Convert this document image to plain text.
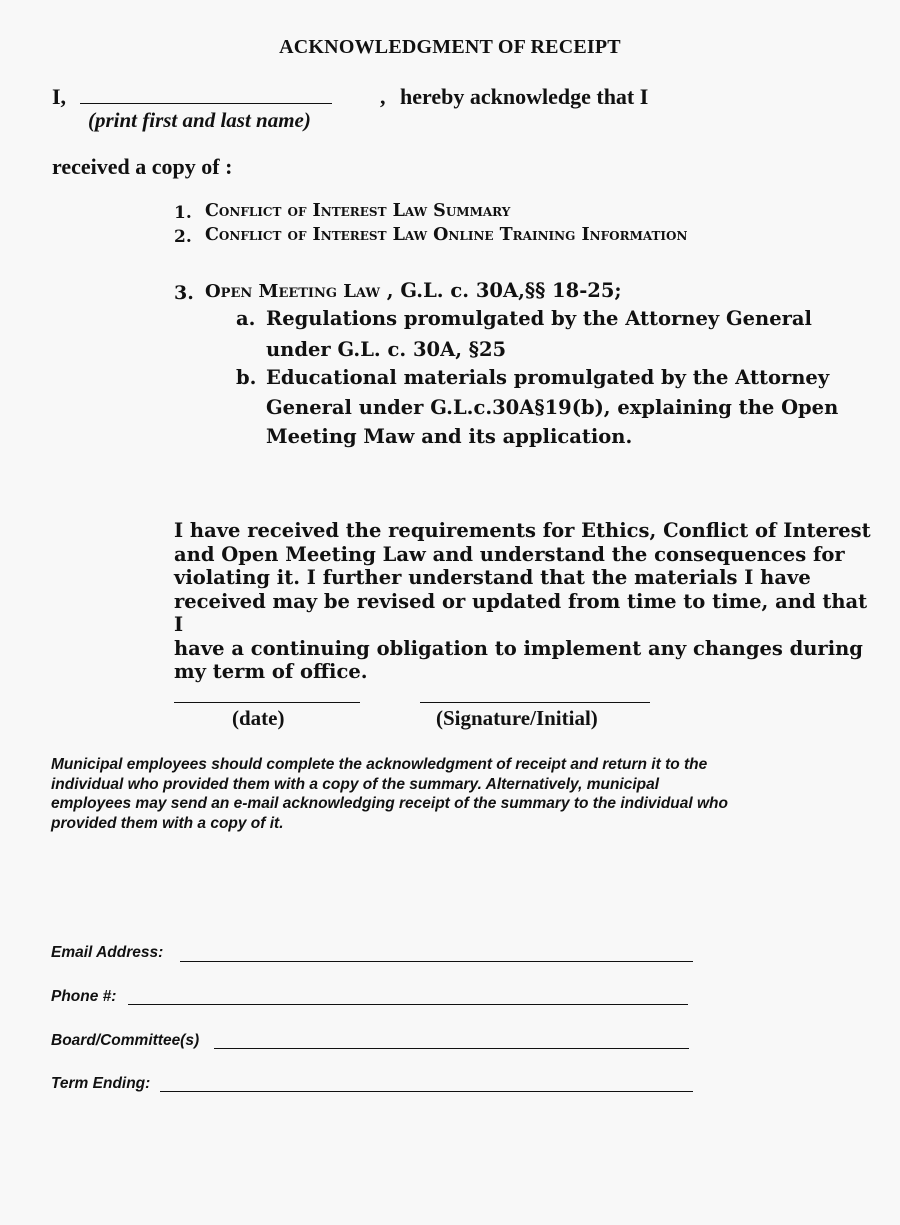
ACKNOWLEDGMENT OF RECEIPT
I,	, hereby acknowledge that I
(print first and last name)
received a copy of :
1. Conflict of Interest Law Summary
2. Conflict of Interest Law Online Training Information
3. Open Meeting Law , G.L. c. 30A,§§ 18-25;
a. Regulations promulgated by the Attorney General
under G.L. c. 30A, §25
b. Educational materials promulgated by the Attorney
General under G.L.c.30A§19(b), explaining the Open
Meeting Maw and its application.
I have received the requirements for Ethics, Conflict of Interest
and Open Meeting Law and understand the consequences for
violating it. I further understand that the materials I have
received may be revised or updated from time to time, and that I
have a continuing obligation to implement any changes during
my term of office.
(date)	(Signature/Initial)
Municipal employees should complete the acknowledgment of receipt and return it to the
individual who provided them with a copy of the summary. Alternatively, municipal
employees may send an e-mail acknowledging receipt of the summary to the individual who
provided them with a copy of it.
Email Address:
Phone #:
Board/Committee(s)
Term Ending:
